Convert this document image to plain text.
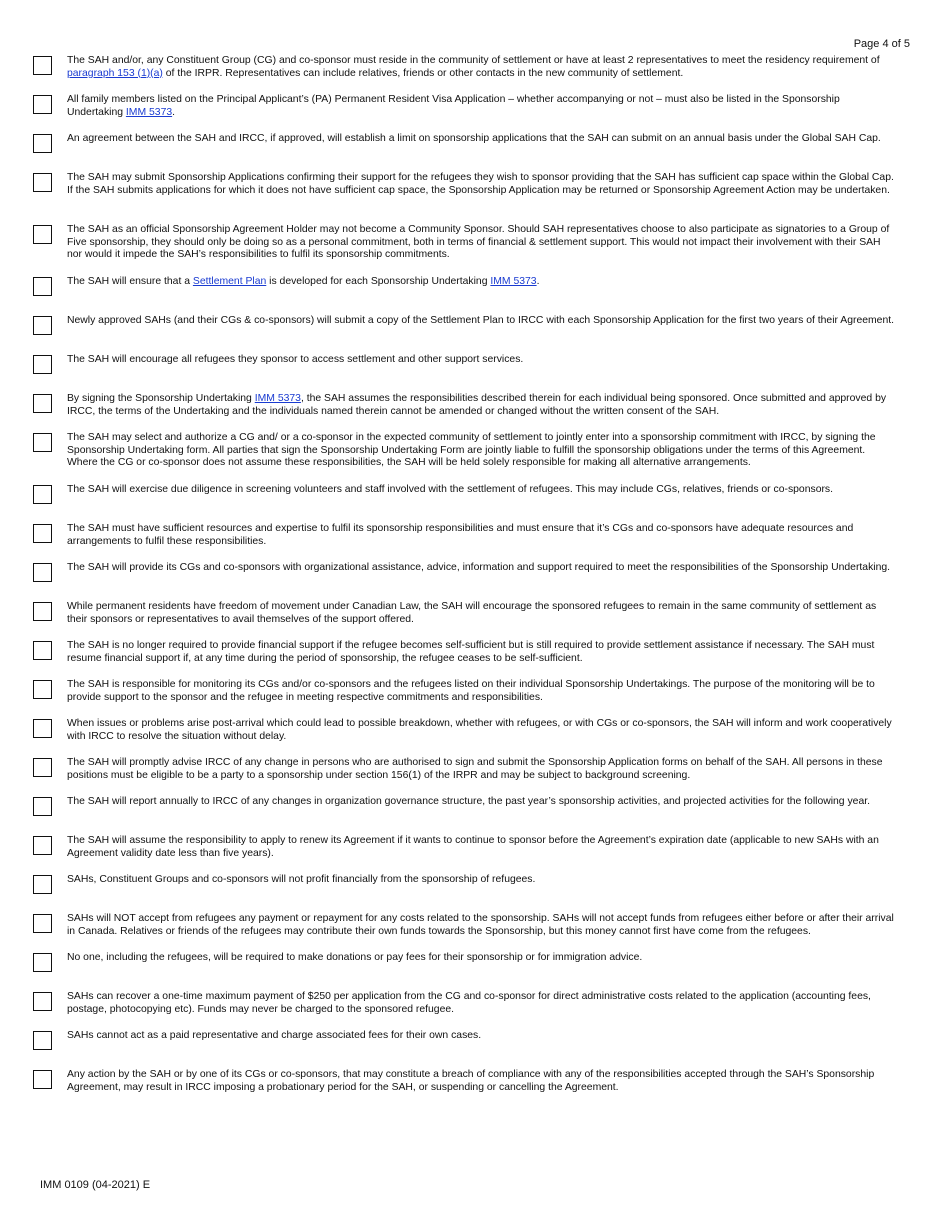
Page 4 of 5

The SAH and/or, any Constituent Group (CG) and co-sponsor must reside in the community of settlement or have at least 2 representatives to meet the residency requirement of paragraph 153 (1)(a) of the IRPR. Representatives can include relatives, friends or other contacts in the new community of settlement.

All family members listed on the Principal Applicant’s (PA) Permanent Resident Visa Application – whether accompanying or not – must also be listed in the Sponsorship Undertaking IMM 5373.

An agreement between the SAH and IRCC, if approved, will establish a limit on sponsorship applications that the SAH can submit on an annual basis under the Global SAH Cap.

The SAH may submit Sponsorship Applications confirming their support for the refugees they wish to sponsor providing that the SAH has sufficient cap space within the Global Cap. If the SAH submits applications for which it does not have sufficient cap space, the Sponsorship Application may be returned or Sponsorship Agreement Action may be undertaken.

The SAH as an official Sponsorship Agreement Holder may not become a Community Sponsor. Should SAH representatives choose to also participate as signatories to a Group of Five sponsorship, they should only be doing so as a personal commitment, both in terms of financial & settlement support. This would not impact their involvement with their SAH nor would it impede the SAH’s responsibilities to fulfil its sponsorship commitments.

The SAH will ensure that a Settlement Plan is developed for each Sponsorship Undertaking IMM 5373.

Newly approved SAHs (and their CGs & co-sponsors) will submit a copy of the Settlement Plan to IRCC with each Sponsorship Application for the first two years of their Agreement.

The SAH will encourage all refugees they sponsor to access settlement and other support services.

By signing the Sponsorship Undertaking IMM 5373, the SAH assumes the responsibilities described therein for each individual being sponsored. Once submitted and approved by IRCC, the terms of the Undertaking and the individuals named therein cannot be amended or changed without the written consent of the SAH.

The SAH may select and authorize a CG and/ or a co-sponsor in the expected community of settlement to jointly enter into a sponsorship commitment with IRCC, by signing the Sponsorship Undertaking form. All parties that sign the Sponsorship Undertaking Form are jointly liable to fulfill the sponsorship obligations under the terms of this Agreement. Where the CG or co-sponsor does not assume these responsibilities, the SAH will be held solely responsible for making all alternative arrangements.

The SAH will exercise due diligence in screening volunteers and staff involved with the settlement of refugees. This may include CGs, relatives, friends or co-sponsors.

The SAH must have sufficient resources and expertise to fulfil its sponsorship responsibilities and must ensure that it’s CGs and co-sponsors have adequate resources and arrangements to fulfil these responsibilities.

The SAH will provide its CGs and co-sponsors with organizational assistance, advice, information and support required to meet the responsibilities of the Sponsorship Undertaking.

While permanent residents have freedom of movement under Canadian Law, the SAH will encourage the sponsored refugees to remain in the same community of settlement as their sponsors or representatives to avail themselves of the support offered.

The SAH is no longer required to provide financial support if the refugee becomes self-sufficient but is still required to provide settlement assistance if necessary. The SAH must resume financial support if, at any time during the period of sponsorship, the refugee ceases to be self-sufficient.

The SAH is responsible for monitoring its CGs and/or co-sponsors and the refugees listed on their individual Sponsorship Undertakings. The purpose of the monitoring will be to provide support to the sponsor and the refugee in meeting respective commitments and responsibilities.

When issues or problems arise post-arrival which could lead to possible breakdown, whether with refugees, or with CGs or co-sponsors, the SAH will inform and work cooperatively with IRCC to resolve the situation without delay.

The SAH will promptly advise IRCC of any change in persons who are authorised to sign and submit the Sponsorship Application forms on behalf of the SAH. All persons in these positions must be eligible to be a party to a sponsorship under section 156(1) of the IRPR and may be subject to background screening.

The SAH will report annually to IRCC of any changes in organization governance structure, the past year’s sponsorship activities, and projected activities for the following year.

The SAH will assume the responsibility to apply to renew its Agreement if it wants to continue to sponsor before the Agreement’s expiration date (applicable to new SAHs with an Agreement validity date less than five years).

SAHs, Constituent Groups and co-sponsors will not profit financially from the sponsorship of refugees.

SAHs will NOT accept from refugees any payment or repayment for any costs related to the sponsorship. SAHs will not accept funds from refugees either before or after their arrival in Canada. Relatives or friends of the refugees may contribute their own funds towards the Sponsorship, but this money cannot first have come from the refugees.

No one, including the refugees, will be required to make donations or pay fees for their sponsorship or for immigration advice.

SAHs can recover a one-time maximum payment of $250 per application from the CG and co-sponsor for direct administrative costs related to the application (accounting fees, postage, photocopying etc). Funds may never be charged to the sponsored refugee.

SAHs cannot act as a paid representative and charge associated fees for their own cases.

Any action by the SAH or by one of its CGs or co-sponsors, that may constitute a breach of compliance with any of the responsibilities accepted through the SAH’s Sponsorship Agreement, may result in IRCC imposing a probationary period for the SAH, or suspending or cancelling the Agreement.

IMM 0109 (04-2021) E
